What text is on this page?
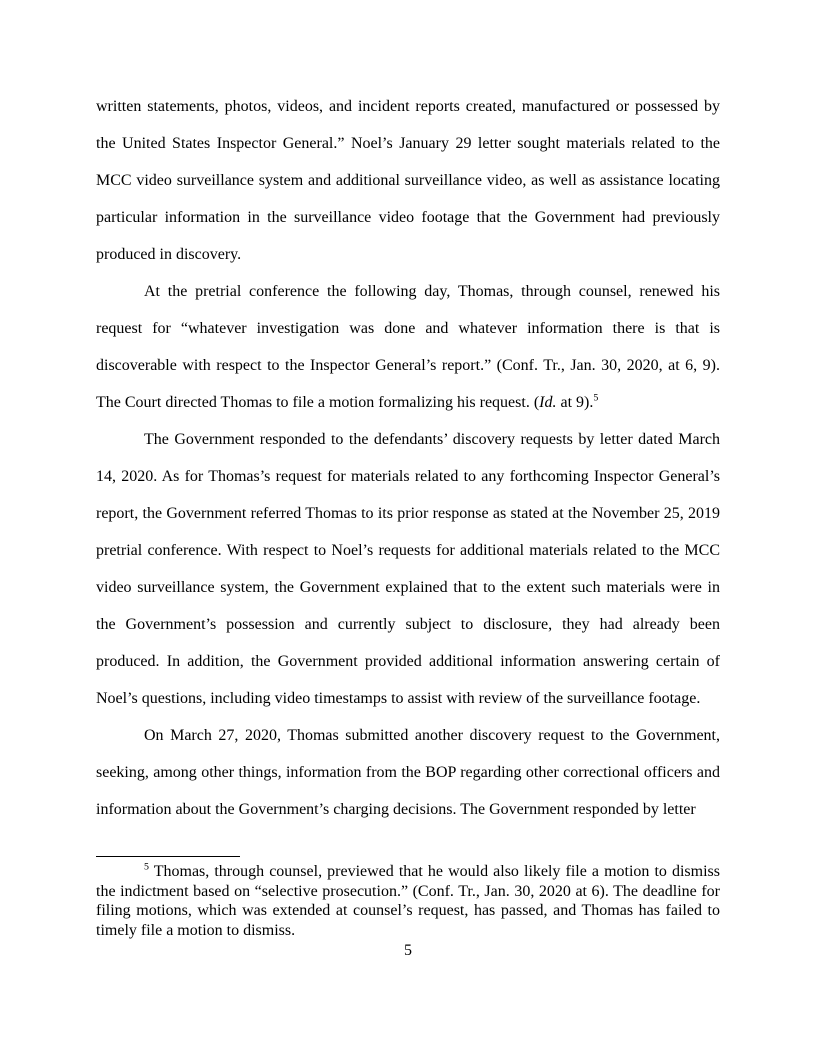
written statements, photos, videos, and incident reports created, manufactured or possessed by the United States Inspector General.” Noel’s January 29 letter sought materials related to the MCC video surveillance system and additional surveillance video, as well as assistance locating particular information in the surveillance video footage that the Government had previously produced in discovery.

At the pretrial conference the following day, Thomas, through counsel, renewed his request for “whatever investigation was done and whatever information there is that is discoverable with respect to the Inspector General’s report.” (Conf. Tr., Jan. 30, 2020, at 6, 9). The Court directed Thomas to file a motion formalizing his request. (Id. at 9).$^5$

The Government responded to the defendants’ discovery requests by letter dated March 14, 2020. As for Thomas’s request for materials related to any forthcoming Inspector General’s report, the Government referred Thomas to its prior response as stated at the November 25, 2019 pretrial conference. With respect to Noel’s requests for additional materials related to the MCC video surveillance system, the Government explained that to the extent such materials were in the Government’s possession and currently subject to disclosure, they had already been produced. In addition, the Government provided additional information answering certain of Noel’s questions, including video timestamps to assist with review of the surveillance footage.

On March 27, 2020, Thomas submitted another discovery request to the Government, seeking, among other things, information from the BOP regarding other correctional officers and information about the Government’s charging decisions. The Government responded by letter

$^5$ Thomas, through counsel, previewed that he would also likely file a motion to dismiss the indictment based on “selective prosecution.” (Conf. Tr., Jan. 30, 2020 at 6). The deadline for filing motions, which was extended at counsel’s request, has passed, and Thomas has failed to timely file a motion to dismiss.

5
